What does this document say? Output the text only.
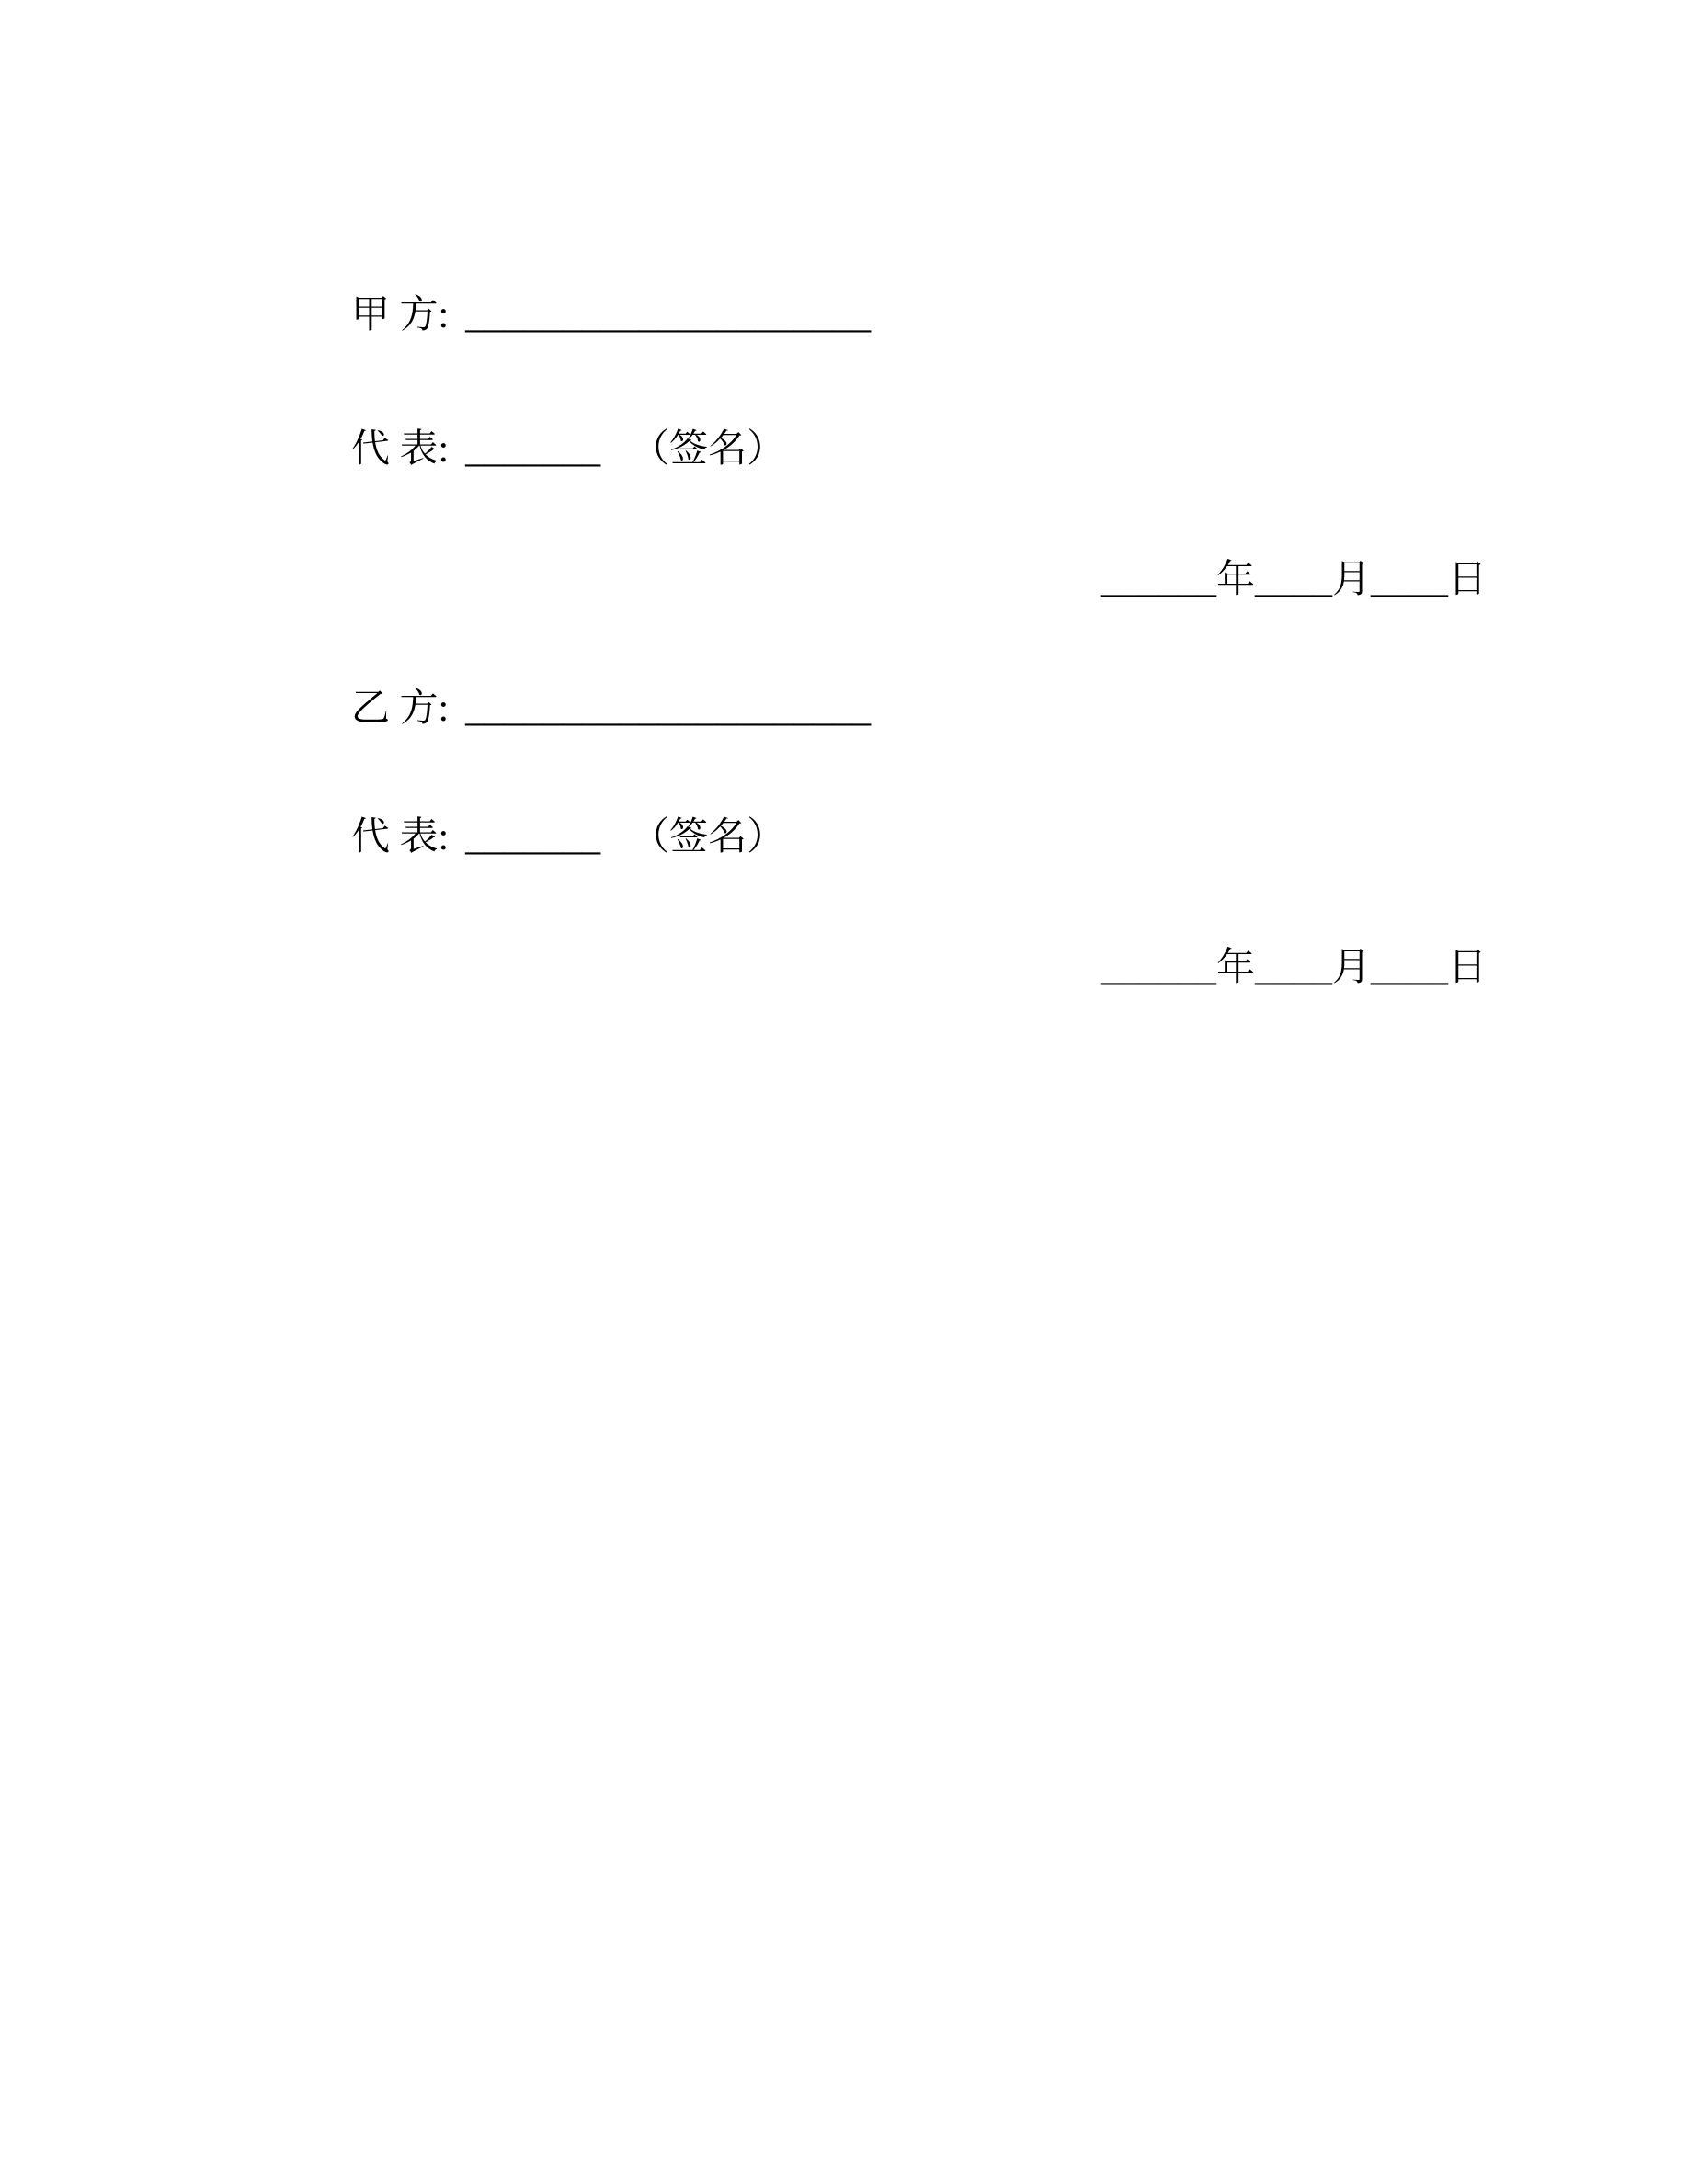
甲 方: _____________________

代 表: _______ （签名）

______年____月____日

乙 方: _____________________

代 表: _______ （签名）

______年____月____日
